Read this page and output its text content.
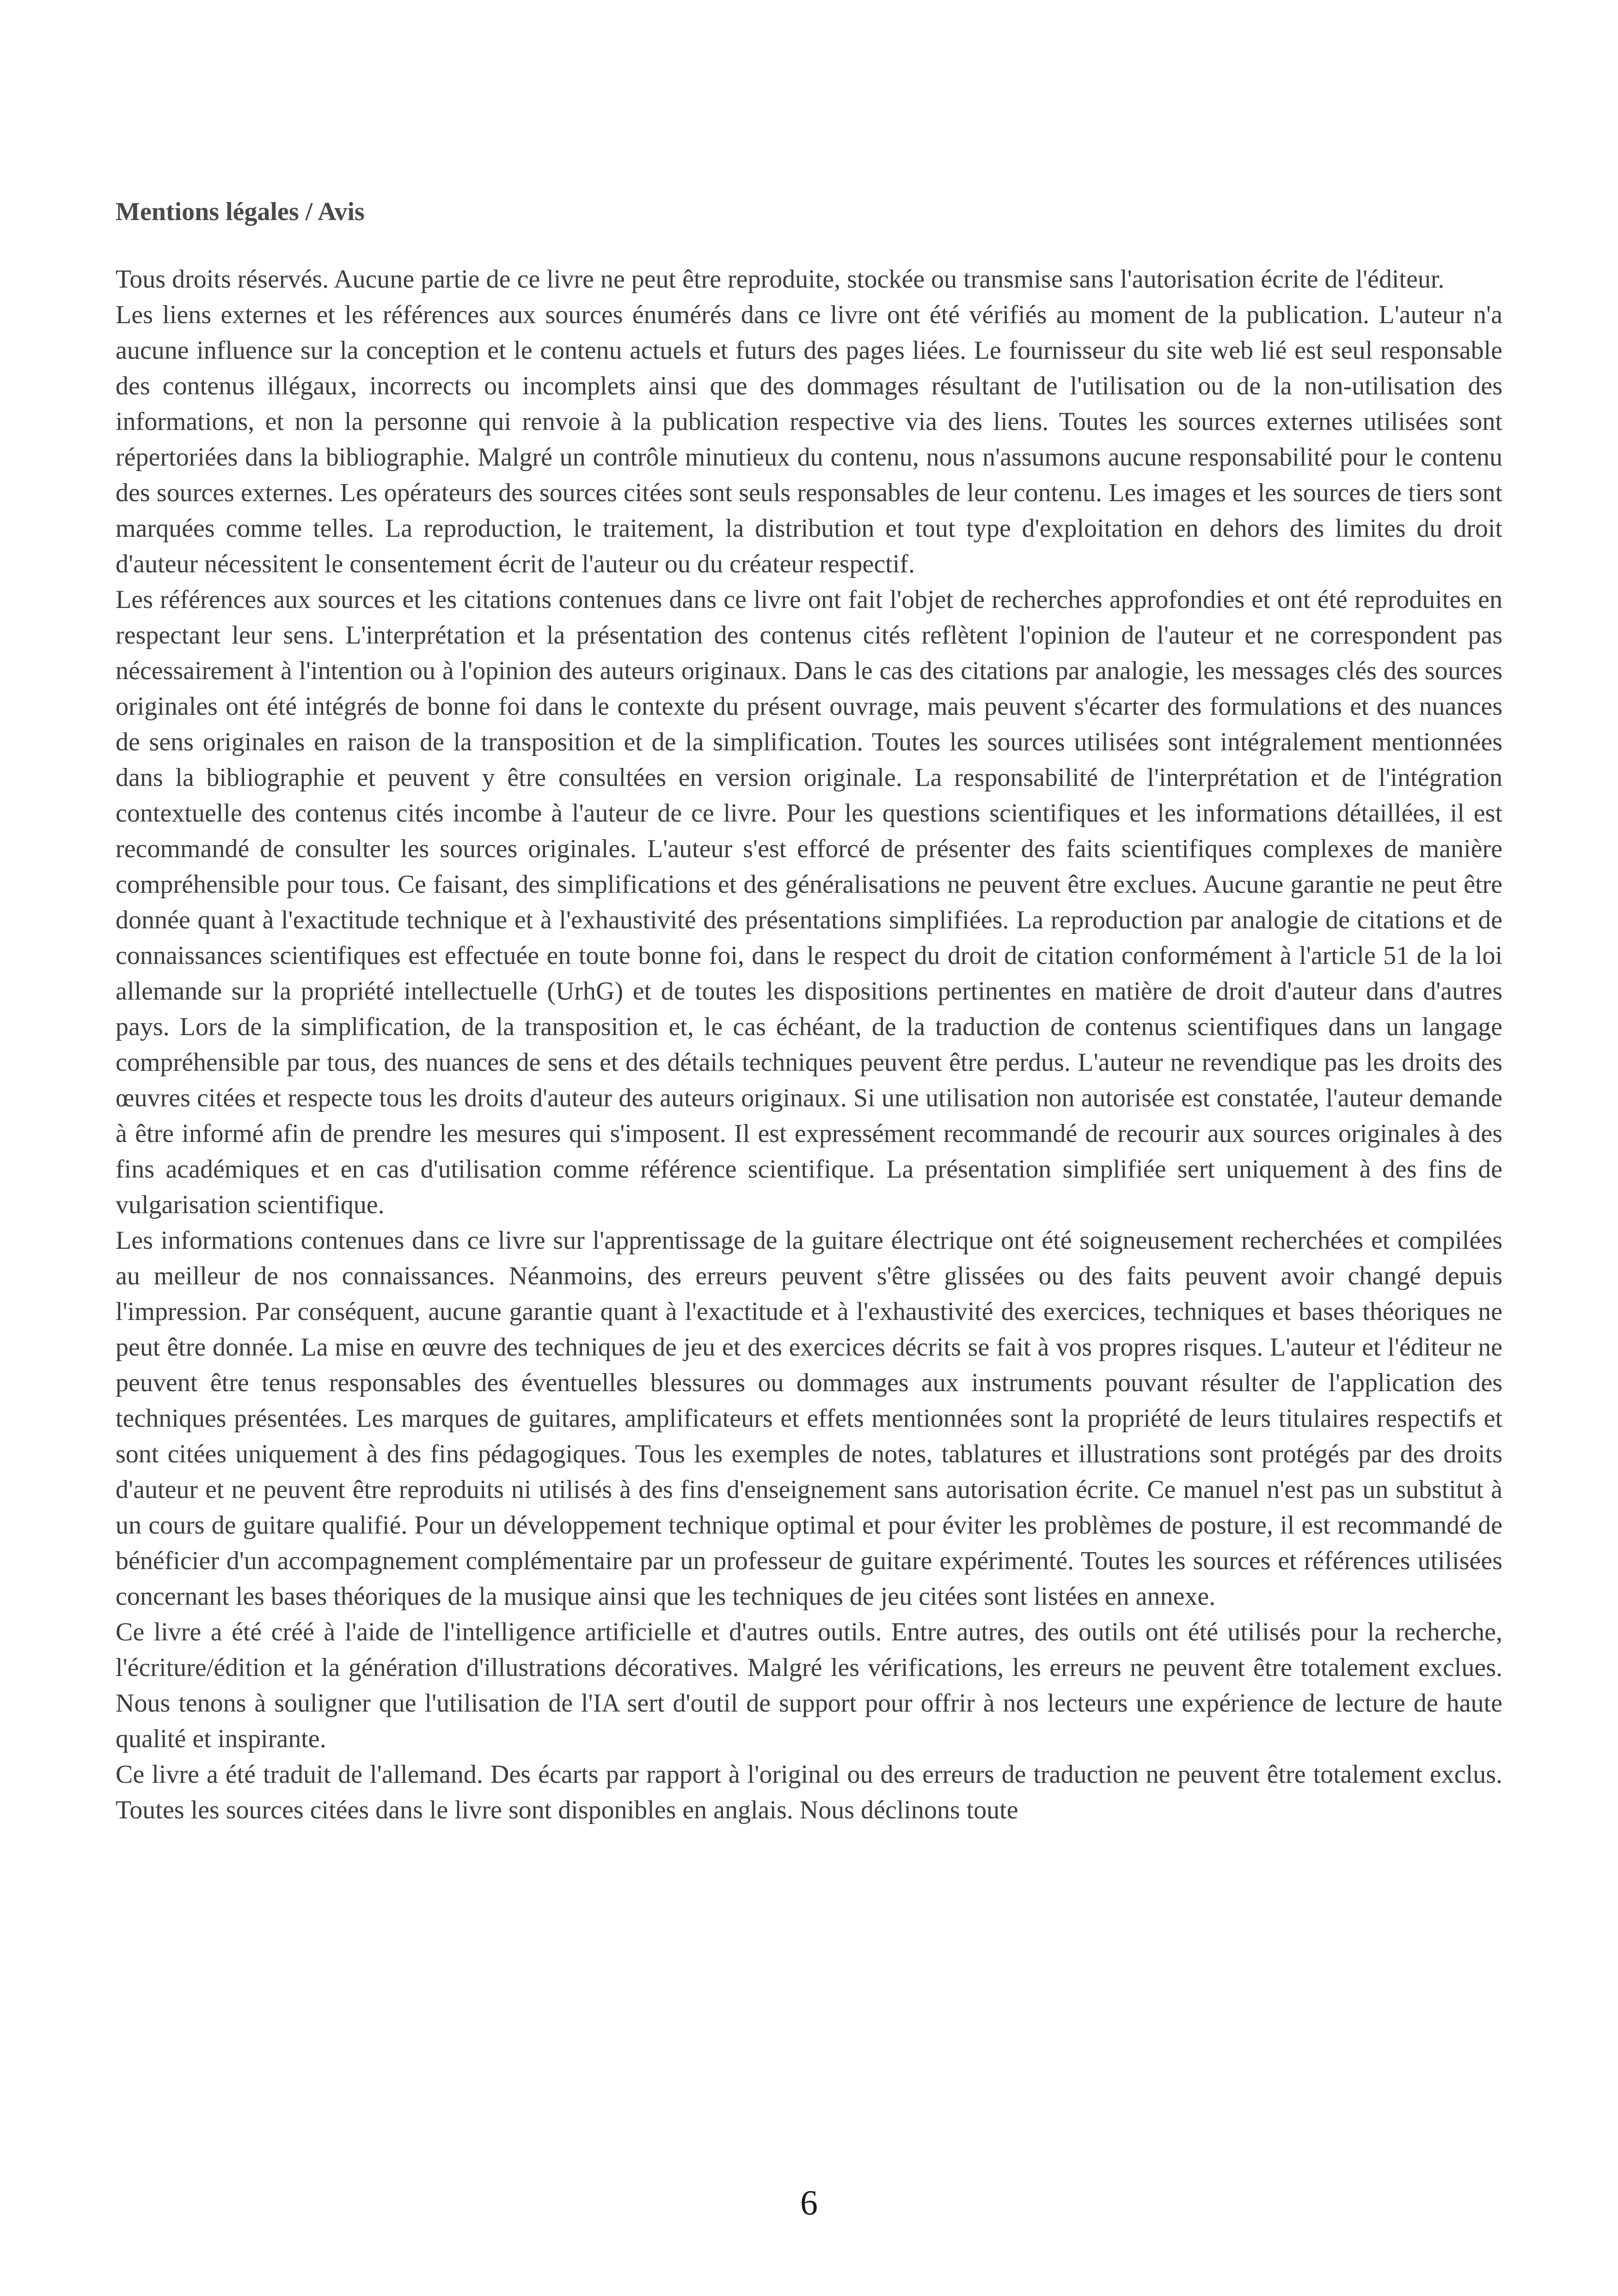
Mentions légales / Avis

Tous droits réservés. Aucune partie de ce livre ne peut être reproduite, stockée ou transmise sans l'autorisation écrite de l'éditeur.

Les liens externes et les références aux sources énumérés dans ce livre ont été vérifiés au moment de la publication. L'auteur n'a aucune influence sur la conception et le contenu actuels et futurs des pages liées. Le fournisseur du site web lié est seul responsable des contenus illégaux, incorrects ou incomplets ainsi que des dommages résultant de l'utilisation ou de la non-utilisation des informations, et non la personne qui renvoie à la publication respective via des liens. Toutes les sources externes utilisées sont répertoriées dans la bibliographie. Malgré un contrôle minutieux du contenu, nous n'assumons aucune responsabilité pour le contenu des sources externes. Les opérateurs des sources citées sont seuls responsables de leur contenu. Les images et les sources de tiers sont marquées comme telles. La reproduction, le traitement, la distribution et tout type d'exploitation en dehors des limites du droit d'auteur nécessitent le consentement écrit de l'auteur ou du créateur respectif.

Les références aux sources et les citations contenues dans ce livre ont fait l'objet de recherches approfondies et ont été reproduites en respectant leur sens. L'interprétation et la présentation des contenus cités reflètent l'opinion de l'auteur et ne correspondent pas nécessairement à l'intention ou à l'opinion des auteurs originaux. Dans le cas des citations par analogie, les messages clés des sources originales ont été intégrés de bonne foi dans le contexte du présent ouvrage, mais peuvent s'écarter des formulations et des nuances de sens originales en raison de la transposition et de la simplification. Toutes les sources utilisées sont intégralement mentionnées dans la bibliographie et peuvent y être consultées en version originale. La responsabilité de l'interprétation et de l'intégration contextuelle des contenus cités incombe à l'auteur de ce livre. Pour les questions scientifiques et les informations détaillées, il est recommandé de consulter les sources originales. L'auteur s'est efforcé de présenter des faits scientifiques complexes de manière compréhensible pour tous. Ce faisant, des simplifications et des généralisations ne peuvent être exclues. Aucune garantie ne peut être donnée quant à l'exactitude technique et à l'exhaustivité des présentations simplifiées. La reproduction par analogie de citations et de connaissances scientifiques est effectuée en toute bonne foi, dans le respect du droit de citation conformément à l'article 51 de la loi allemande sur la propriété intellectuelle (UrhG) et de toutes les dispositions pertinentes en matière de droit d'auteur dans d'autres pays. Lors de la simplification, de la transposition et, le cas échéant, de la traduction de contenus scientifiques dans un langage compréhensible par tous, des nuances de sens et des détails techniques peuvent être perdus. L'auteur ne revendique pas les droits des œuvres citées et respecte tous les droits d'auteur des auteurs originaux. Si une utilisation non autorisée est constatée, l'auteur demande à être informé afin de prendre les mesures qui s'imposent. Il est expressément recommandé de recourir aux sources originales à des fins académiques et en cas d'utilisation comme référence scientifique. La présentation simplifiée sert uniquement à des fins de vulgarisation scientifique.

Les informations contenues dans ce livre sur l'apprentissage de la guitare électrique ont été soigneusement recherchées et compilées au meilleur de nos connaissances. Néanmoins, des erreurs peuvent s'être glissées ou des faits peuvent avoir changé depuis l'impression. Par conséquent, aucune garantie quant à l'exactitude et à l'exhaustivité des exercices, techniques et bases théoriques ne peut être donnée. La mise en œuvre des techniques de jeu et des exercices décrits se fait à vos propres risques. L'auteur et l'éditeur ne peuvent être tenus responsables des éventuelles blessures ou dommages aux instruments pouvant résulter de l'application des techniques présentées. Les marques de guitares, amplificateurs et effets mentionnées sont la propriété de leurs titulaires respectifs et sont citées uniquement à des fins pédagogiques. Tous les exemples de notes, tablatures et illustrations sont protégés par des droits d'auteur et ne peuvent être reproduits ni utilisés à des fins d'enseignement sans autorisation écrite. Ce manuel n'est pas un substitut à un cours de guitare qualifié. Pour un développement technique optimal et pour éviter les problèmes de posture, il est recommandé de bénéficier d'un accompagnement complémentaire par un professeur de guitare expérimenté. Toutes les sources et références utilisées concernant les bases théoriques de la musique ainsi que les techniques de jeu citées sont listées en annexe.

Ce livre a été créé à l'aide de l'intelligence artificielle et d'autres outils. Entre autres, des outils ont été utilisés pour la recherche, l'écriture/édition et la génération d'illustrations décoratives. Malgré les vérifications, les erreurs ne peuvent être totalement exclues. Nous tenons à souligner que l'utilisation de l'IA sert d'outil de support pour offrir à nos lecteurs une expérience de lecture de haute qualité et inspirante.

Ce livre a été traduit de l'allemand. Des écarts par rapport à l'original ou des erreurs de traduction ne peuvent être totalement exclus. Toutes les sources citées dans le livre sont disponibles en anglais. Nous déclinons toute

6
